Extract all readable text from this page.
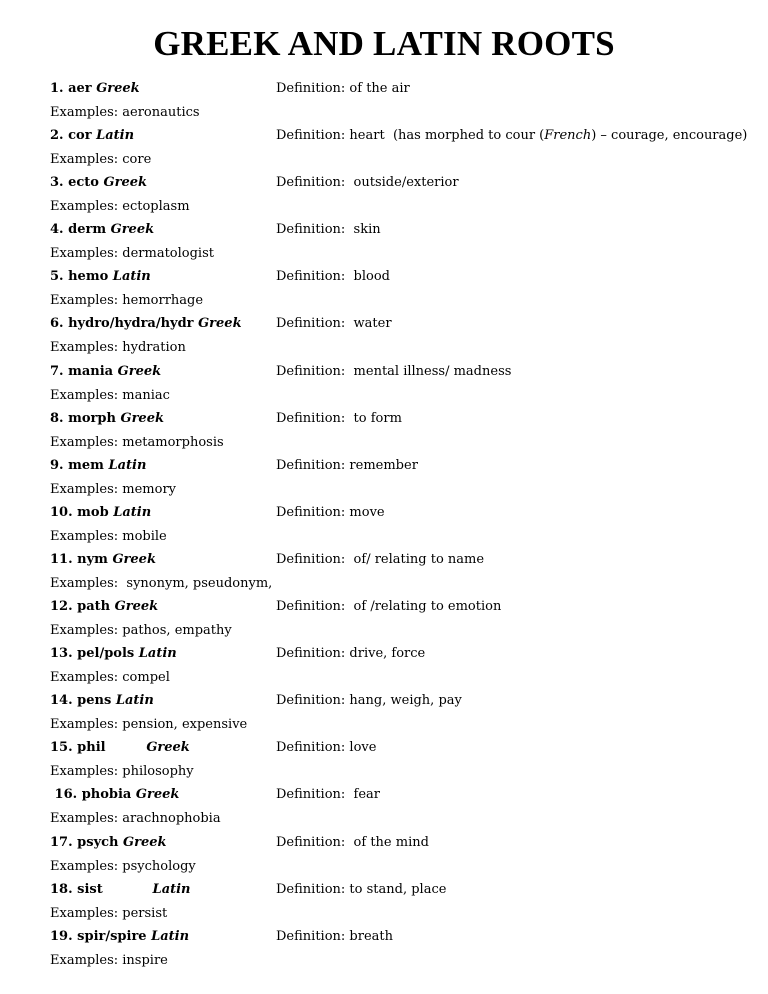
GREEK AND LATIN ROOTS
1. aer Greek	Definition: of the air
Examples: aeronautics
2. cor Latin	Definition: heart  (has morphed to cour (French) – courage, encourage)
Examples: core
3. ecto Greek	Definition:  outside/exterior
Examples: ectoplasm
4. derm Greek	Definition:  skin
Examples: dermatologist
5. hemo Latin	Definition:  blood
Examples: hemorrhage
6. hydro/hydra/hydr Greek	Definition:  water
Examples: hydration
7. mania Greek	Definition:  mental illness/ madness
Examples: maniac
8. morph Greek	Definition:  to form
Examples: metamorphosis
9. mem Latin	Definition: remember
Examples: memory
10. mob Latin	Definition: move
Examples: mobile
11. nym Greek	Definition:  of/ relating to name
Examples:  synonym, pseudonym,
12. path Greek	Definition:  of /relating to emotion
Examples: pathos, empathy
13. pel/pols Latin	Definition: drive, force
Examples: compel
14. pens Latin	Definition: hang, weigh, pay
Examples: pension, expensive
15. phil	Greek	Definition: love
Examples: philosophy
16. phobia Greek	Definition:  fear
Examples: arachnophobia
17. psych Greek	Definition:  of the mind
Examples: psychology
18. sist	Latin	Definition: to stand, place
Examples: persist
19. spir/spire Latin	Definition: breath
Examples: inspire
